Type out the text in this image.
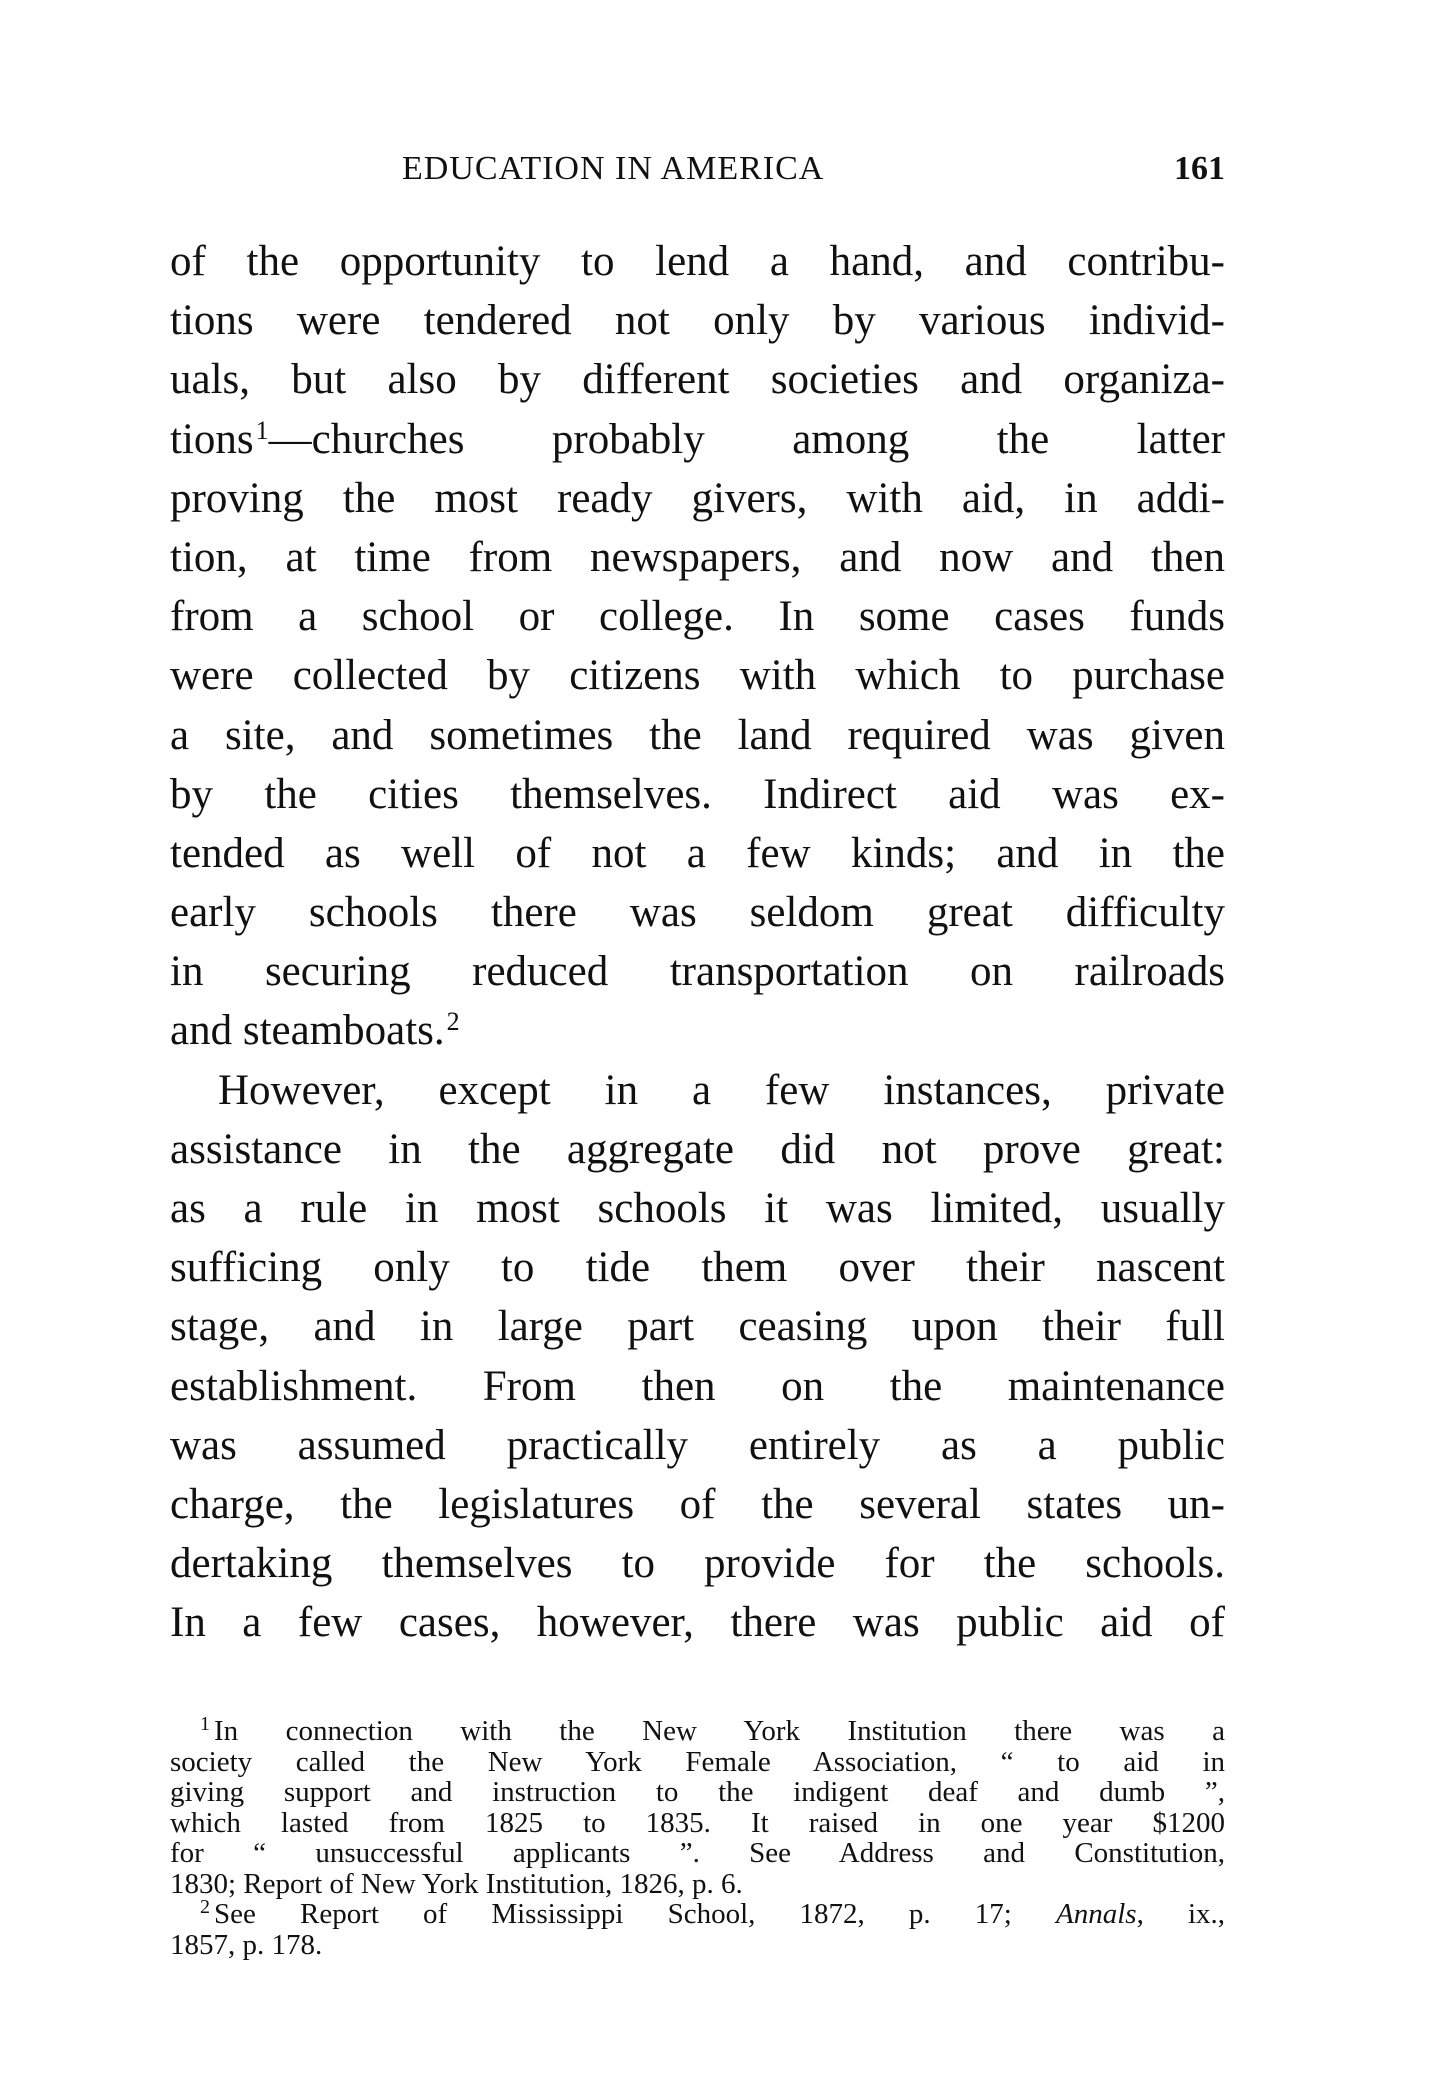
EDUCATION IN AMERICA	161
of the opportunity to lend a hand, and contribu-
tions were tendered not only by various individ-
uals, but also by different societies and organiza-
tions$^1$—churches probably among the latter
proving the most ready givers, with aid, in addi-
tion, at time from newspapers, and now and then
from a school or college. In some cases funds
were collected by citizens with which to purchase
a site, and sometimes the land required was given
by the cities themselves. Indirect aid was ex-
tended as well of not a few kinds; and in the
early schools there was seldom great difficulty
in securing reduced transportation on railroads
and steamboats.$^2$
However, except in a few instances, private
assistance in the aggregate did not prove great:
as a rule in most schools it was limited, usually
sufficing only to tide them over their nascent
stage, and in large part ceasing upon their full
establishment. From then on the maintenance
was assumed practically entirely as a public
charge, the legislatures of the several states un-
dertaking themselves to provide for the schools.
In a few cases, however, there was public aid of
$^1$ In connection with the New York Institution there was a
society called the New York Female Association, “ to aid in
giving support and instruction to the indigent deaf and dumb ”,
which lasted from 1825 to 1835. It raised in one year $1200
for “ unsuccessful applicants ”. See Address and Constitution,
1830; Report of New York Institution, 1826, p. 6.
$^2$ See Report of Mississippi School, 1872, p. 17; Annals, ix.,
1857, p. 178.
